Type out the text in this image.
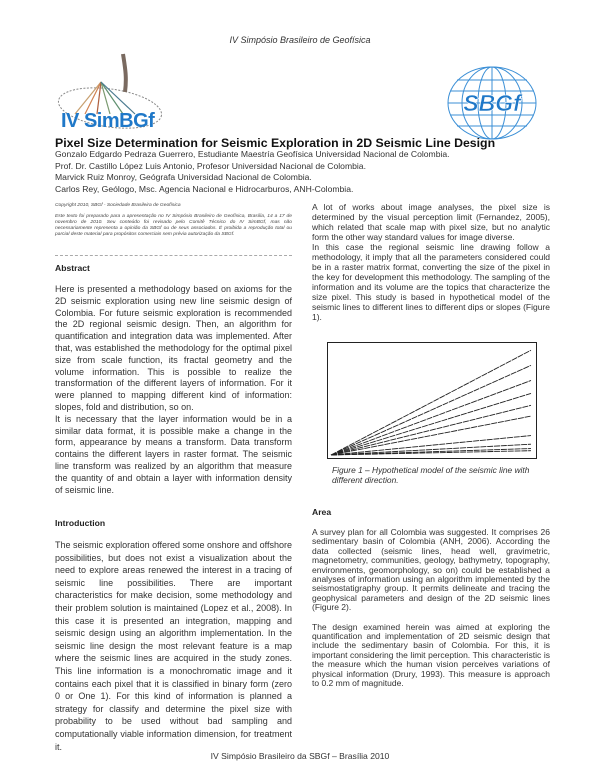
IV Simpósio Brasileiro de Geofísica
IV SimBGf
SBGf
Pixel Size Determination for Seismic Exploration in 2D Seismic Line Design
Gonzalo Edgardo Pedraza Guerrero, Estudiante Maestría Geofísica Universidad Nacional de Colombia.
Prof. Dr. Castillo López Luis Antonio, Profesor Universidad Nacional de Colombia.
Marvick Ruiz Monroy, Geógrafa Universidad Nacional de Colombia.
Carlos Rey, Geólogo, Msc. Agencia Nacional e Hidrocarburos, ANH-Colombia.

Copyright 2010, SBGf - Sociedade Brasileira de Geofísica

Este texto foi preparado para a apresentação no IV Simpósio Brasileiro de Geofísica, Brasília, 14 a 17 de novembro de 2010. Seu conteúdo foi revisado pelo Comitê Técnico do IV SimBGf, mas não necessariamente representa a opinião da SBGf ou de seus associados. É proibida a reprodução total ou parcial deste material para propósitos comerciais sem prévia autorização da SBGf.

Abstract

Here is presented a methodology based on axioms for the 2D seismic exploration using new line seismic design of Colombia. For future seismic exploration is recommended the 2D regional seismic design. Then, an algorithm for quantification and integration data was implemented. After that, was established the methodology for the optimal pixel size from scale function, its fractal geometry and the volume information. This is possible to realize the transformation of the different layers of information. For it were planned to mapping different kind of information: slopes, fold and distribution, so on.

It is necessary that the layer information would be in a similar data format, it is possible make a change in the form, appearance by means a transform. Data transform contains the different layers in raster format. The seismic line transform was realized by an algorithm that measure the quantity of and obtain a layer with information density of seismic line.

Introduction

The seismic exploration offered some onshore and offshore possibilities, but does not exist a visualization about the need to explore areas renewed the interest in a tracing of seismic line possibilities. There are important characteristics for make decision, some methodology and their problem solution is maintained (Lopez et al., 2008). In this case it is presented an integration, mapping and seismic design using an algorithm implementation. In the seismic line design the most relevant feature is a map where the seismic lines are acquired in the study zones. This line information is a monochromatic image and it contains each pixel that it is classified in binary form (zero 0 or One 1). For this kind of information is planned a strategy for classify and determine the pixel size with probability to be used without bad sampling and computationally viable information dimension, for treatment it.

A lot of works about image analyses, the pixel size is determined by the visual perception limit (Fernandez, 2005), which related that scale map with pixel size, but no analytic form the other way standard values for image diverse.

In this case the regional seismic line drawing follow a methodology, it imply that all the parameters considered could be in a raster matrix format, converting the size of the pixel in the key for development this methodology. The sampling of the information and its volume are the topics that characterize the size pixel. This study is based in hypothetical model of the seismic lines to different lines to different dips or slopes (Figure 1).

Figure 1 – Hypothetical model of the seismic line with different direction.
Area

A survey plan for all Colombia was suggested. It comprises 26 sedimentary basin of Colombia (ANH, 2006). According the data collected (seismic lines, head well, gravimetric, magnetometry, communities, geology, bathymetry, topography, environments, geomorphology, so on) could be established a analyses of information using an algorithm implemented by the seismostatigraphy group. It permits delineate and tracing the geophysical parameters and design of the 2D seismic lines (Figure 2).

The design examined herein was aimed at exploring the quantification and implementation of 2D seismic design that include the sedimentary basin of Colombia. For this, it is important considering the limit perception. This characteristic is the measure which the human vision perceives variations of physical information (Drury, 1993). This measure is approach to 0.2 mm of magnitude.

IV Simpósio Brasileiro da SBGf – Brasília 2010
